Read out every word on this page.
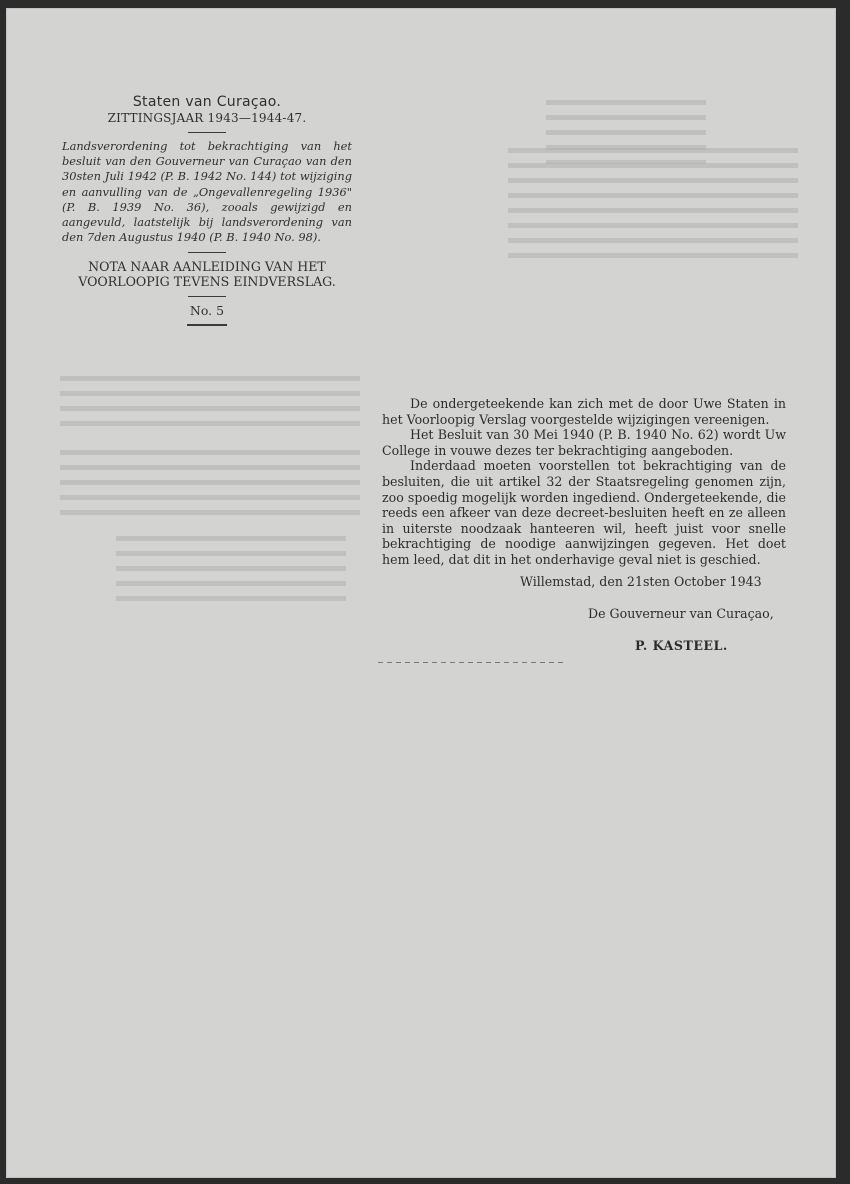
Staten van Curaçao.
ZITTINGSJAAR 1943—1944-47.
Landsverordening tot bekrachtiging van het besluit van den Gouverneur van Curaçao van den 30sten Juli 1942 (P. B. 1942 No. 144) tot wijziging en aanvulling van de „Ongevallenregeling 1936" (P. B. 1939 No. 36), zooals gewijzigd en aangevuld, laatstelijk bij landsverordening van den 7den Augustus 1940 (P. B. 1940 No. 98).
NOTA NAAR AANLEIDING VAN HET
VOORLOOPIG TEVENS EINDVERSLAG.
No. 5

De ondergeteekende kan zich met de door Uwe Staten in het Voorloopig Verslag voorgestelde wijzigingen vereenigen.

Het Besluit van 30 Mei 1940 (P. B. 1940 No. 62) wordt Uw College in vouwe dezes ter bekrachtiging aangeboden.

Inderdaad moeten voorstellen tot bekrachtiging van de besluiten, die uit artikel 32 der Staatsregeling genomen zijn, zoo spoedig mogelijk worden ingediend. Ondergeteekende, die reeds een afkeer van deze decreet-besluiten heeft en ze alleen in uiterste noodzaak hanteeren wil, heeft juist voor snelle bekrachtiging de noodige aanwijzingen gegeven. Het doet hem leed, dat dit in het onderhavige geval niet is geschied.

Willemstad, den 21sten October 1943
De Gouverneur van Curaçao,
P. KASTEEL.
